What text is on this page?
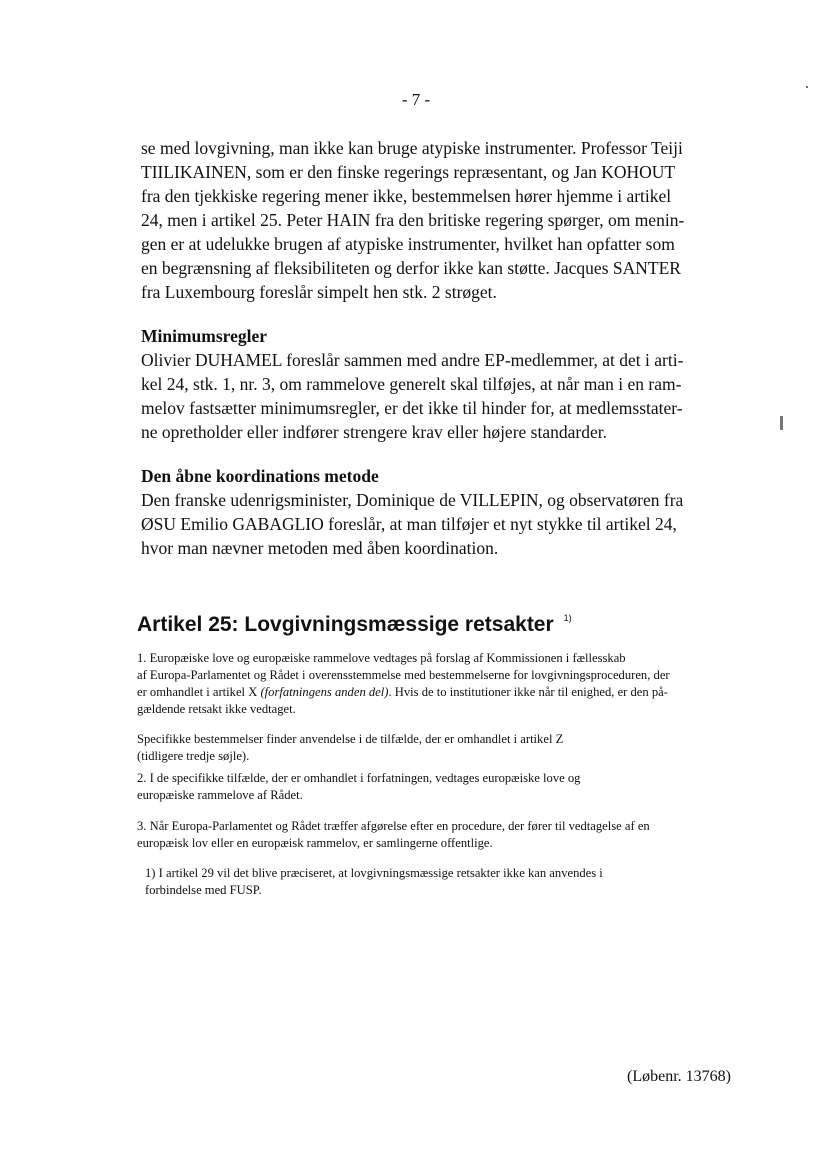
- 7 -

se med lovgivning, man ikke kan bruge atypiske instrumenter. Professor Teiji

TIILIKAINEN, som er den finske regerings repræsentant, og Jan KOHOUT

fra den tjekkiske regering mener ikke, bestemmelsen hører hjemme i artikel

24, men i artikel 25. Peter HAIN fra den britiske regering spørger, om menin-

gen er at udelukke brugen af atypiske instrumenter, hvilket han opfatter som

en begrænsning af fleksibiliteten og derfor ikke kan støtte. Jacques SANTER

fra Luxembourg foreslår simpelt hen stk. 2 strøget.

Minimumsregler

Olivier DUHAMEL foreslår sammen med andre EP-medlemmer, at det i arti-

kel 24, stk. 1, nr. 3, om rammelove generelt skal tilføjes, at når man i en ram-

melov fastsætter minimumsregler, er det ikke til hinder for, at medlemsstater-

ne opretholder eller indfører strengere krav eller højere standarder.

Den åbne koordinations metode

Den franske udenrigsminister, Dominique de VILLEPIN, og observatøren fra

ØSU Emilio GABAGLIO foreslår, at man tilføjer et nyt stykke til artikel 24,

hvor man nævner metoden med åben koordination.

Artikel 25: Lovgivningsmæssige retsakter $^{1)}$

1. Europæiske love og europæiske rammelove vedtages på forslag af Kommissionen i fællesskab

af Europa-Parlamentet og Rådet i overensstemmelse med bestemmelserne for lovgivningsproceduren, der

er omhandlet i artikel X (forfatningens anden del). Hvis de to institutioner ikke når til enighed, er den på-

gældende retsakt ikke vedtaget.

Specifikke bestemmelser finder anvendelse i de tilfælde, der er omhandlet i artikel Z

(tidligere tredje søjle).

2. I de specifikke tilfælde, der er omhandlet i forfatningen, vedtages europæiske love og

europæiske rammelove af Rådet.

3. Når Europa-Parlamentet og Rådet træffer afgørelse efter en procedure, der fører til vedtagelse af en

europæisk lov eller en europæisk rammelov, er samlingerne offentlige.

1) I artikel 29 vil det blive præciseret, at lovgivningsmæssige retsakter ikke kan anvendes i

forbindelse med FUSP.

(Løbenr. 13768)
